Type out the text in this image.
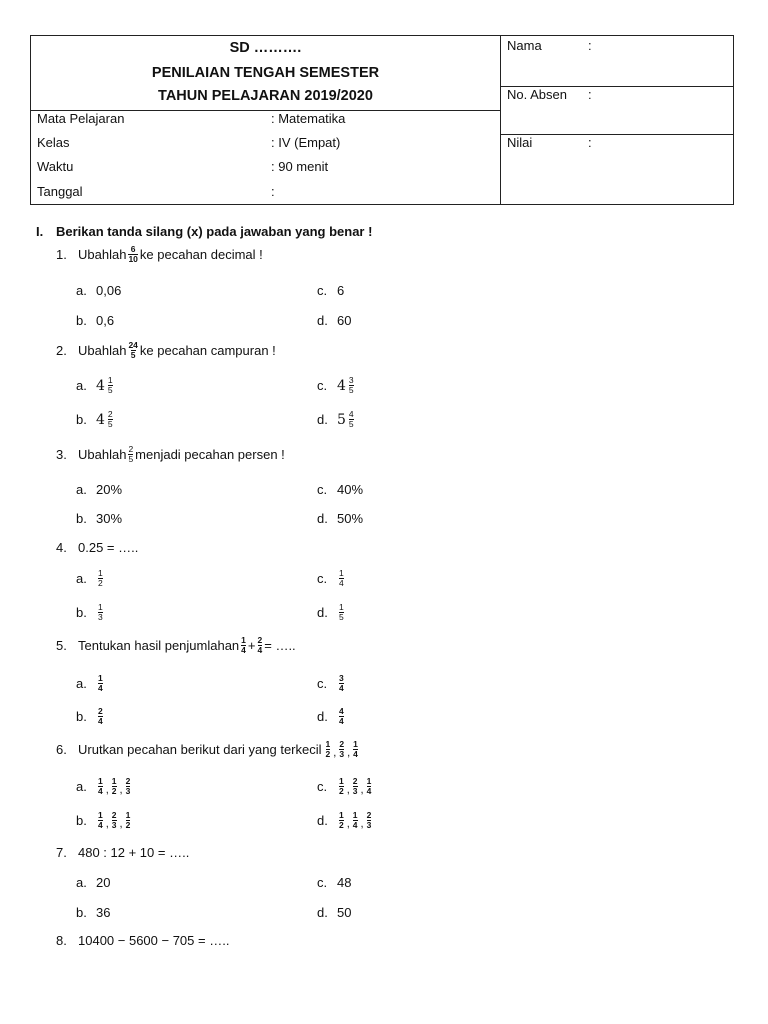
SD ……….
PENILAIAN TENGAH SEMESTER
TAHUN PELAJARAN 2019/2020
Mata Pelajaran	: Matematika
Kelas	: IV (Empat)
Waktu	: 90 menit
Tanggal	:
Nama	:
No. Absen :
Nilai	:
I. Berikan tanda silang (x) pada jawaban yang benar !
1. Ubahlah 6
10 ke pecahan decimal !
a. 0,06
b. 0,6
c. 6
d. 60
2. Ubahlah 24
5 ke pecahan campuran !
a. 4 1
5
b. 4 2
5
c. 4 3
5
d. 5 4
5
3. Ubahlah 2
5 menjadi pecahan persen !
a. 20%
b. 30%
c. 40%
d. 50%
4. 0.25 = …..
a.	1
2
b.	1
3
c.	1
4
d.	1
5
5. Tentukan hasil penjumlahan 1
$4 + \frac{2}{4}$ = …..
a.	1
4
b.	2
4
c.	3
4
d.	4
4
6. Urutkan pecahan berikut dari yang terkecil 1
2 ,
2
3 ,
1
4
a.	1
4 ,
1
2 ,
2
3
b.	1
4 ,
2
3 ,
1
2
c.	1
2 ,
2
3 ,
1
4
d.	1
2 ,
1
4 ,
2
3
7. 480 : 12 + 10 = …..
a. 20
b. 36
c. 48
d. 50
8. 10400 − 5600 − 705 = …..
